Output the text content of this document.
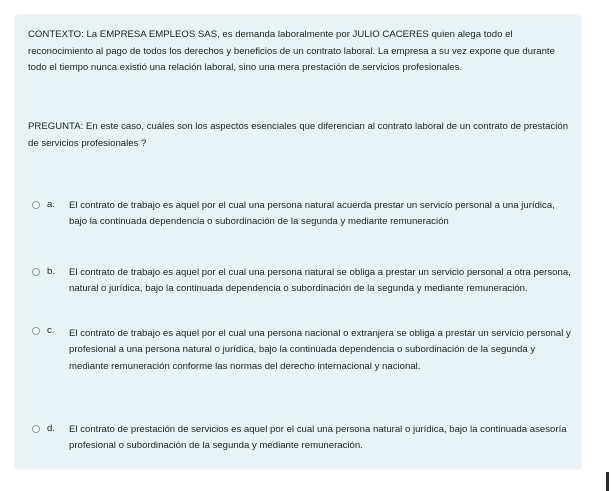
CONTEXTO: La EMPRESA EMPLEOS SAS, es demanda laboralmente por JULIO CACERES quien alega todo el reconocimiento al pago de todos los derechos y beneficios de un contrato laboral. La empresa a su vez expone que durante todo el tiempo nunca existió una relación laboral, sino una mera prestación de servicios profesionales.

PREGUNTA: En este caso, cuáles son los aspectos esenciales que diferencian al contrato laboral de un contrato de prestación de servicios profesionales ?

a. El contrato de trabajo es aquel por el cual una persona natural acuerda prestar un servicio personal a una jurídica, bajo la continuada dependencia o subordinación de la segunda y mediante remuneración

b. El contrato de trabajo es aquel por el cual una persona natural se obliga a prestar un servicio personal a otra persona, natural o jurídica, bajo la continuada dependencia o subordinación de la segunda y mediante remuneración.

c. El contrato de trabajo es aquel por el cual una persona nacional o extranjera se obliga a prestar un servicio personal y profesional a una persona natural o jurídica, bajo la continuada dependencia o subordinación de la segunda y mediante remuneración conforme las normas del derecho internacional y nacional.

d. El contrato de prestación de servicios es aquel por el cual una persona natural o jurídica, bajo la continuada asesoría profesional o subordinación de la segunda y mediante remuneración.
